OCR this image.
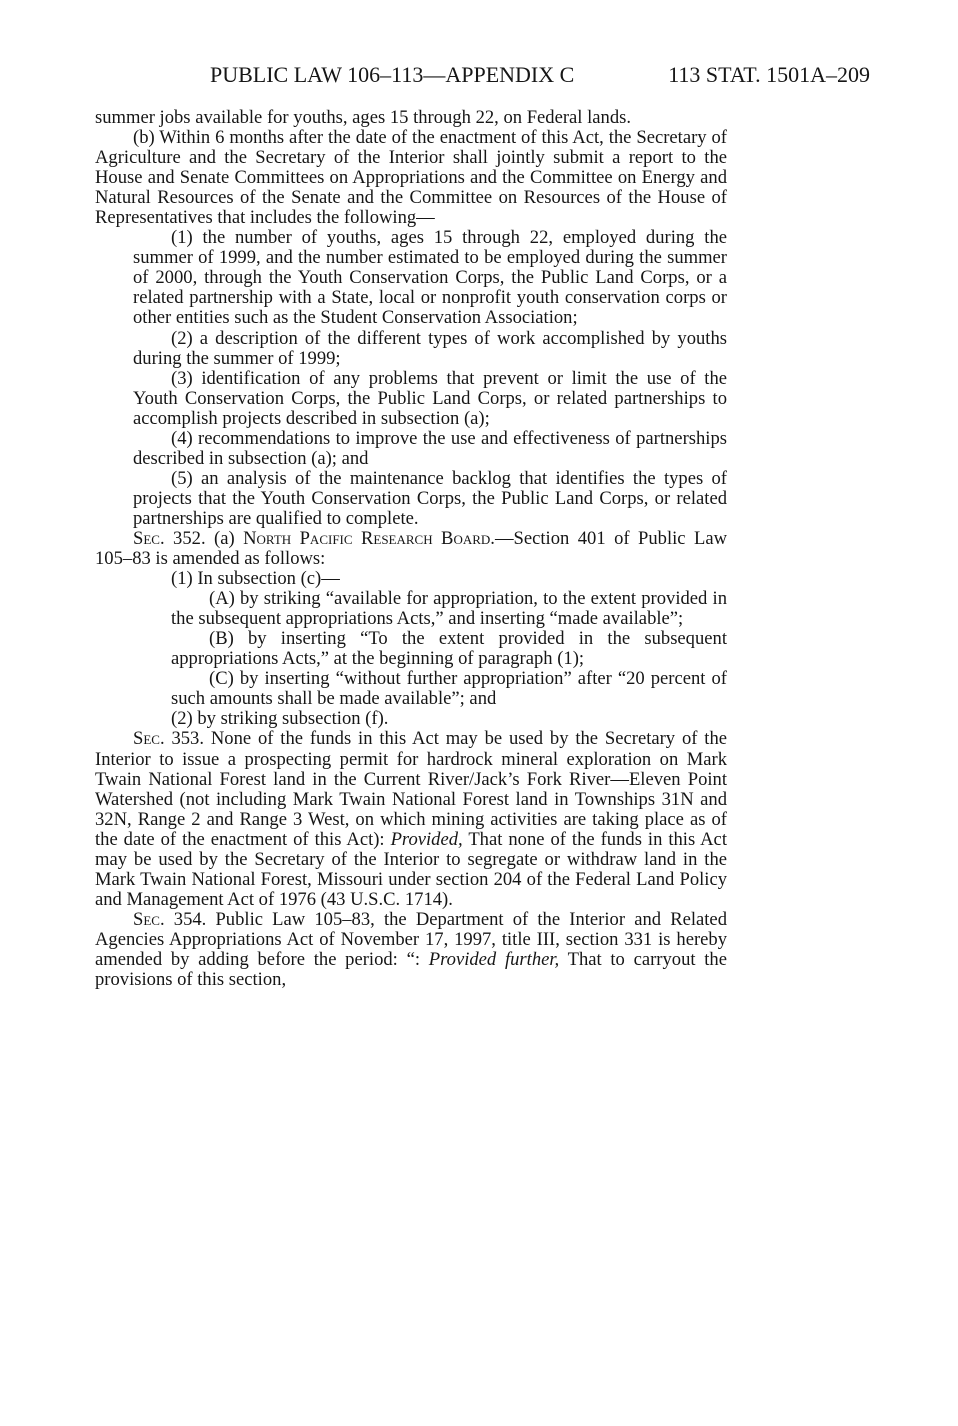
PUBLIC LAW 106–113—APPENDIX C	113 STAT. 1501A–209

summer jobs available for youths, ages 15 through 22, on Federal lands.

(b) Within 6 months after the date of the enactment of this Act, the Secretary of Agriculture and the Secretary of the Interior shall jointly submit a report to the House and Senate Committees on Appropriations and the Committee on Energy and Natural Resources of the Senate and the Committee on Resources of the House of Representatives that includes the following—

(1) the number of youths, ages 15 through 22, employed during the summer of 1999, and the number estimated to be employed during the summer of 2000, through the Youth Conservation Corps, the Public Land Corps, or a related partnership with a State, local or nonprofit youth conservation corps or other entities such as the Student Conservation Association;

(2) a description of the different types of work accomplished by youths during the summer of 1999;

(3) identification of any problems that prevent or limit the use of the Youth Conservation Corps, the Public Land Corps, or related partnerships to accomplish projects described in subsection (a);

(4) recommendations to improve the use and effectiveness of partnerships described in subsection (a); and

(5) an analysis of the maintenance backlog that identifies the types of projects that the Youth Conservation Corps, the Public Land Corps, or related partnerships are qualified to complete.

Sec. 352. (a) North Pacific Research Board.—Section 401 of Public Law 105–83 is amended as follows:

(1) In subsection (c)—

(A) by striking “available for appropriation, to the extent provided in the subsequent appropriations Acts,” and inserting “made available”;

(B) by inserting “To the extent provided in the subsequent appropriations Acts,” at the beginning of paragraph (1);

(C) by inserting “without further appropriation” after “20 percent of such amounts shall be made available”; and

(2) by striking subsection (f).

Sec. 353. None of the funds in this Act may be used by the Secretary of the Interior to issue a prospecting permit for hardrock mineral exploration on Mark Twain National Forest land in the Current River/Jack’s Fork River—Eleven Point Watershed (not including Mark Twain National Forest land in Townships 31N and 32N, Range 2 and Range 3 West, on which mining activities are taking place as of the date of the enactment of this Act): Provided, That none of the funds in this Act may be used by the Secretary of the Interior to segregate or withdraw land in the Mark Twain National Forest, Missouri under section 204 of the Federal Land Policy and Management Act of 1976 (43 U.S.C. 1714).

Sec. 354. Public Law 105–83, the Department of the Interior and Related Agencies Appropriations Act of November 17, 1997, title III, section 331 is hereby amended by adding before the period: “: Provided further, That to carryout the provisions of this section,
